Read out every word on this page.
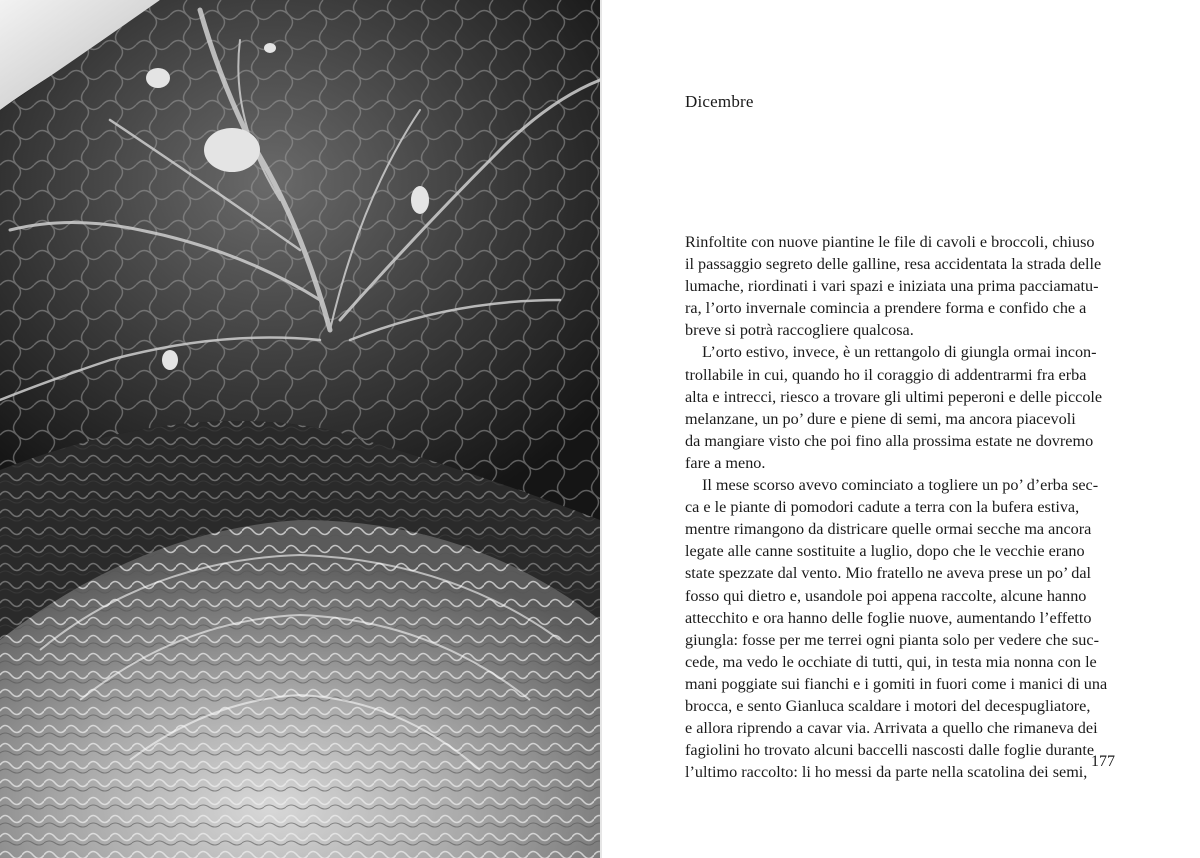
Dicembre
Rinfoltite con nuove piantine le file di cavoli e broccoli, chiuso
il passaggio segreto delle galline, resa accidentata la strada delle
lumache, riordinati i vari spazi e iniziata una prima pacciamatu-
ra, l’orto invernale comincia a prendere forma e confido che a
breve si potrà raccogliere qualcosa.
L’orto estivo, invece, è un rettangolo di giungla ormai incon-
trollabile in cui, quando ho il coraggio di addentrarmi fra erba
alta e intrecci, riesco a trovare gli ultimi peperoni e delle piccole
melanzane, un po’ dure e piene di semi, ma ancora piacevoli
da mangiare visto che poi fino alla prossima estate ne dovremo
fare a meno.
Il mese scorso avevo cominciato a togliere un po’ d’erba sec-
ca e le piante di pomodori cadute a terra con la bufera estiva,
mentre rimangono da districare quelle ormai secche ma ancora
legate alle canne sostituite a luglio, dopo che le vecchie erano
state spezzate dal vento. Mio fratello ne aveva prese un po’ dal
fosso qui dietro e, usandole poi appena raccolte, alcune hanno
attecchito e ora hanno delle foglie nuove, aumentando l’effetto
giungla: fosse per me terrei ogni pianta solo per vedere che suc-
cede, ma vedo le occhiate di tutti, qui, in testa mia nonna con le
mani poggiate sui fianchi e i gomiti in fuori come i manici di una
brocca, e sento Gianluca scaldare i motori del decespugliatore,
e allora riprendo a cavar via. Arrivata a quello che rimaneva dei
fagiolini ho trovato alcuni baccelli nascosti dalle foglie durante
l’ultimo raccolto: li ho messi da parte nella scatolina dei semi,
177
